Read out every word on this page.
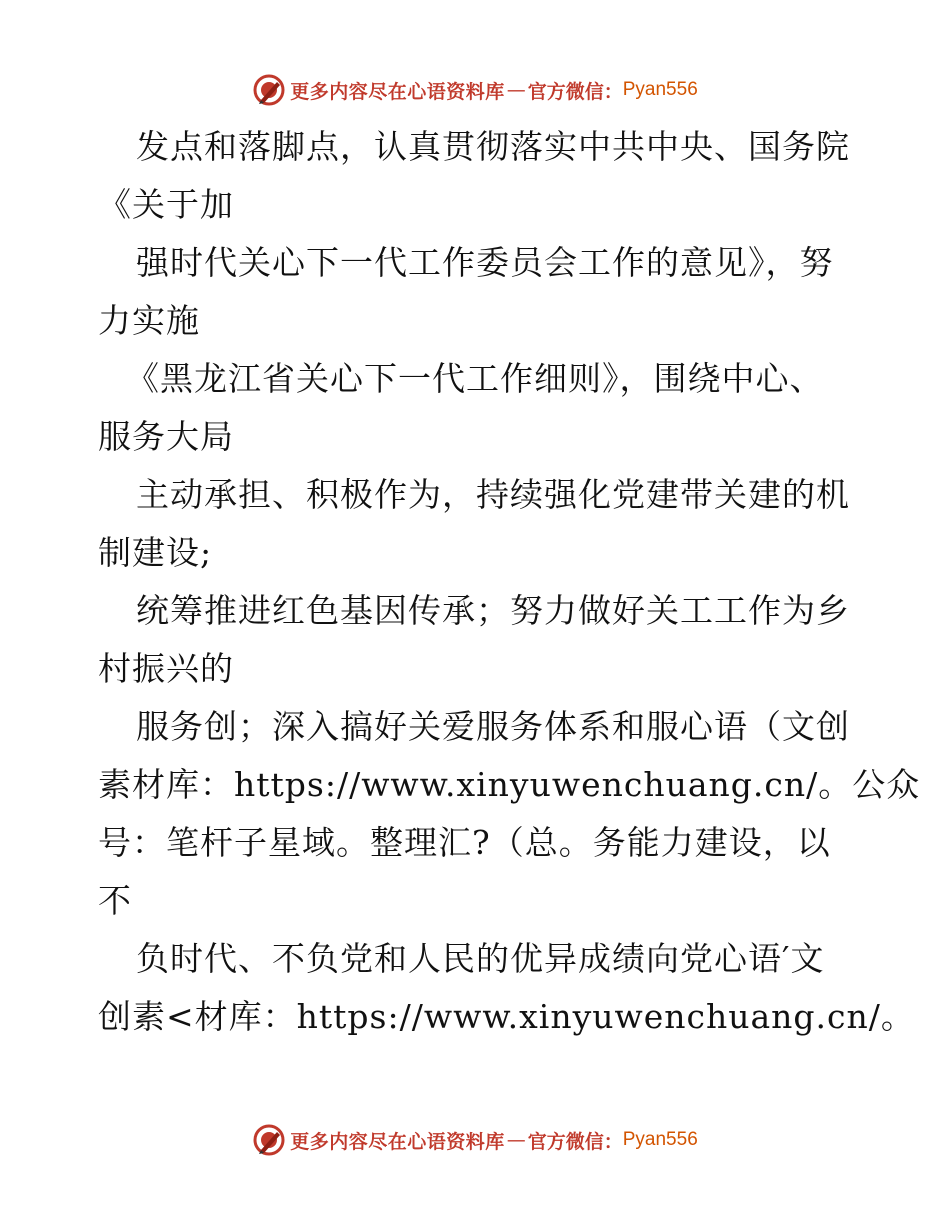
更多内容尽在心语资料库 — 官方微信： Pyan556
发点和落脚点，认真贯彻落实中共中央、国务院
《关于加
强时代关心下一代工作委员会工作的意见》，努
力实施
《黑龙江省关心下一代工作细则》，围绕中心、
服务大局
主动承担、积极作为，持续强化党建带关建的机
制建设;
统筹推进红色基因传承；努力做好关工工作为乡
村振兴的
服务创；深入搞好关爱服务体系和服心语（文创
素材库：https://www.xinyuwenchuang.cn/。公众
号：笔杆子星域。整理汇?（总。务能力建设，以
不
负时代、不负党和人民的优异成绩向党心语′文
创素<材库：https://www.xinyuwenchuang.cn/。
更多内容尽在心语资料库 — 官方微信： Pyan556
